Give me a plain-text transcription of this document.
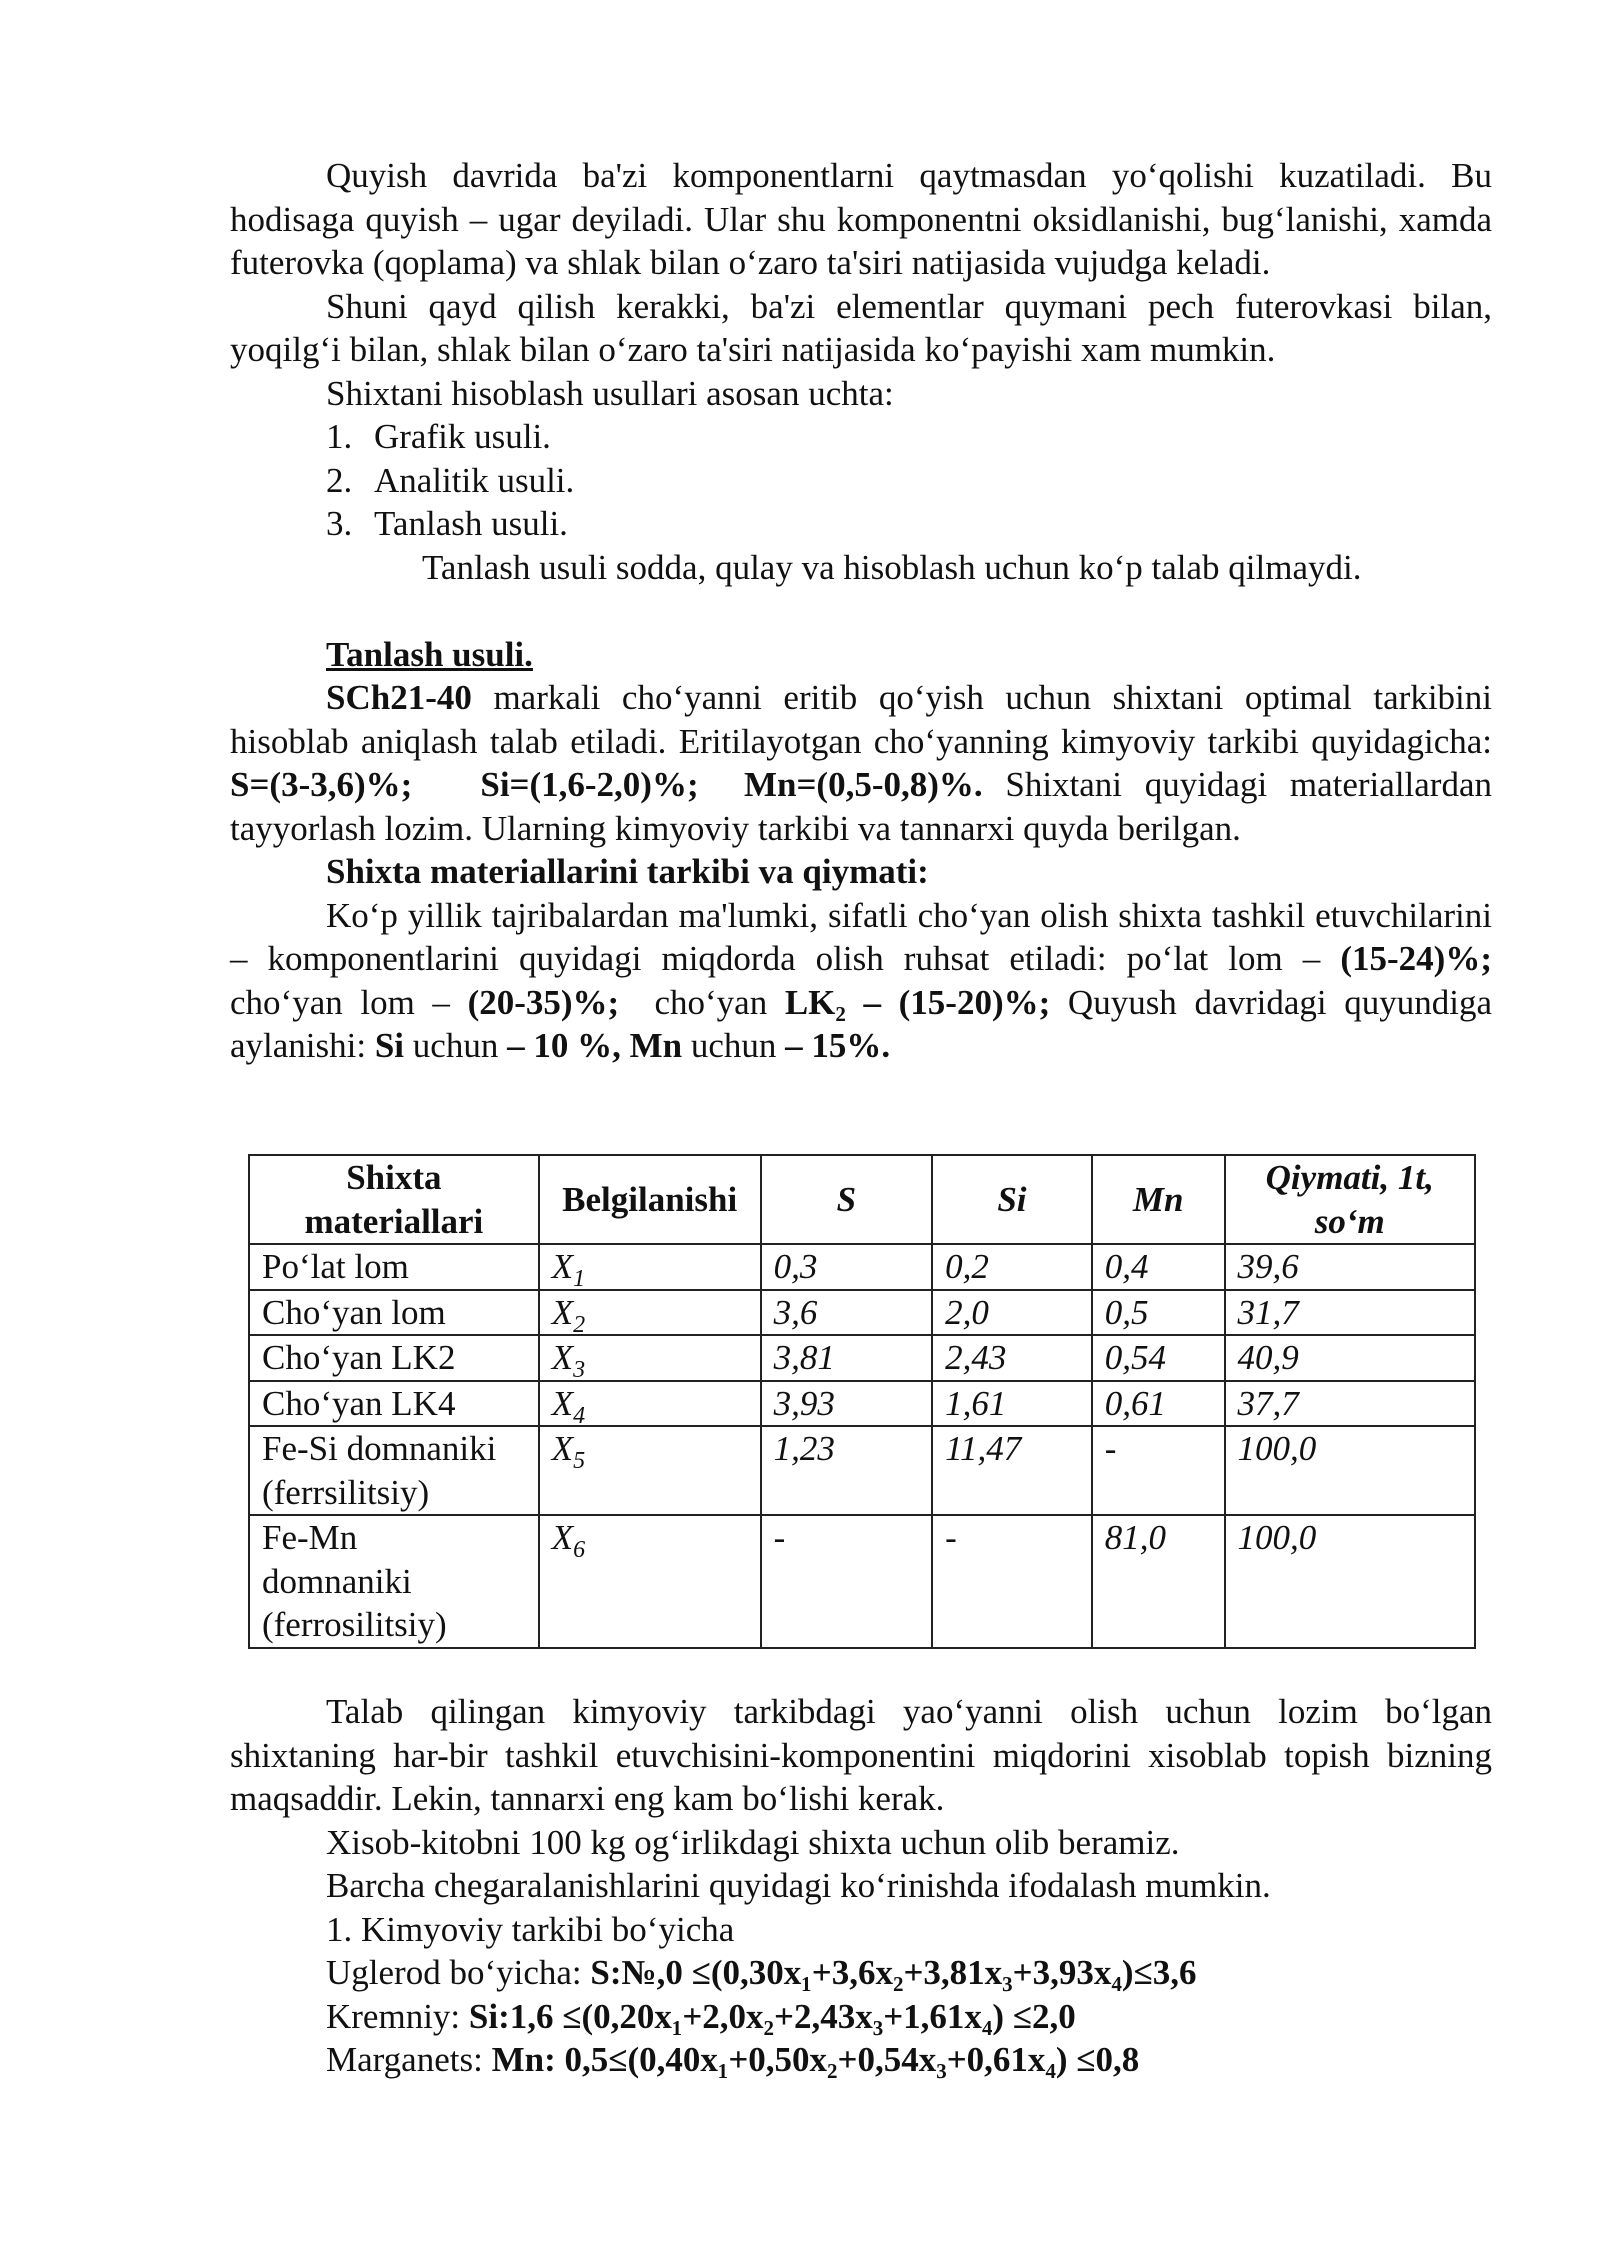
Quyish davrida ba'zi komponentlarni qaytmasdan yo‘qolishi kuzatiladi. Bu hodisaga quyish – ugar deyiladi. Ular shu komponentni oksidlanishi, bug‘lanishi, xamda futerovka (qoplama) va shlak bilan o‘zaro ta'siri natijasida vujudga keladi.

Shuni qayd qilish kerakki, ba'zi elementlar quymani pech futerovkasi bilan, yoqilg‘i bilan, shlak bilan o‘zaro ta'siri natijasida ko‘payishi xam mumkin.

Shixtani hisoblash usullari asosan uchta:

1. Grafik usuli.

2. Analitik usuli.

3. Tanlash usuli.

Tanlash usuli sodda, qulay va hisoblash uchun ko‘p talab qilmaydi.

Tanlash usuli.

SCh21-40 markali cho‘yanni eritib qo‘yish uchun shixtani optimal tarkibini hisoblab aniqlash talab etiladi. Eritilayotgan cho‘yanning kimyoviy tarkibi quyidagicha: S=(3-3,6)%;   Si=(1,6-2,0)%;  Mn=(0,5-0,8)%. Shixtani quyidagi materiallardan tayyorlash lozim. Ularning kimyoviy tarkibi va tannarxi quyda berilgan.

Shixta materiallarini tarkibi va qiymati:

Ko‘p yillik tajribalardan ma'lumki, sifatli cho‘yan olish shixta tashkil etuvchilarini – komponentlarini quyidagi miqdorda olish ruhsat etiladi: po‘lat lom – (15-24)%; cho‘yan lom – (20-35)%;  cho‘yan LK₂ – (15-20)%; Quyush davridagi quyundiga aylanishi: Si uchun – 10 %, Mn uchun – 15%.

Shixta materiallari	Belgilanishi	S	Si	Mn	Qiymati, 1t, so‘m
Po‘lat lom	$X_1$	0,3	0,2	0,4	39,6
Cho‘yan lom	$X_2$	3,6	2,0	0,5	31,7
Cho‘yan LK2	$X_3$	3,81	2,43	0,54	40,9
Cho‘yan LK4	$X_4$	3,93	1,61	0,61	37,7
Fe-Si domnaniki (ferrsilitsiy)	$X_5$	1,23	11,47	-	100,0
Fe-Mn domnaniki (ferrosilitsiy)	$X_6$	-	-	81,0	100,0

Talab qilingan kimyoviy tarkibdagi yao‘yanni olish uchun lozim bo‘lgan shixtaning har-bir tashkil etuvchisini-komponentini miqdorini xisoblab topish bizning maqsaddir. Lekin, tannarxi eng kam bo‘lishi kerak.

Xisob-kitobni 100 kg og‘irlikdagi shixta uchun olib beramiz.

Barcha chegaralanishlarini quyidagi ko‘rinishda ifodalash mumkin.

1. Kimyoviy tarkibi bo‘yicha

Uglerod bo‘yicha: S:№,0 ≤(0,30x₁+3,6x₂+3,81x₃+3,93x₄)≤3,6

Kremniy: Si:1,6 ≤(0,20x₁+2,0x₂+2,43x₃+1,61x₄) ≤2,0

Marganets: Mn: 0,5≤(0,40x₁+0,50x₂+0,54x₃+0,61x₄) ≤0,8
